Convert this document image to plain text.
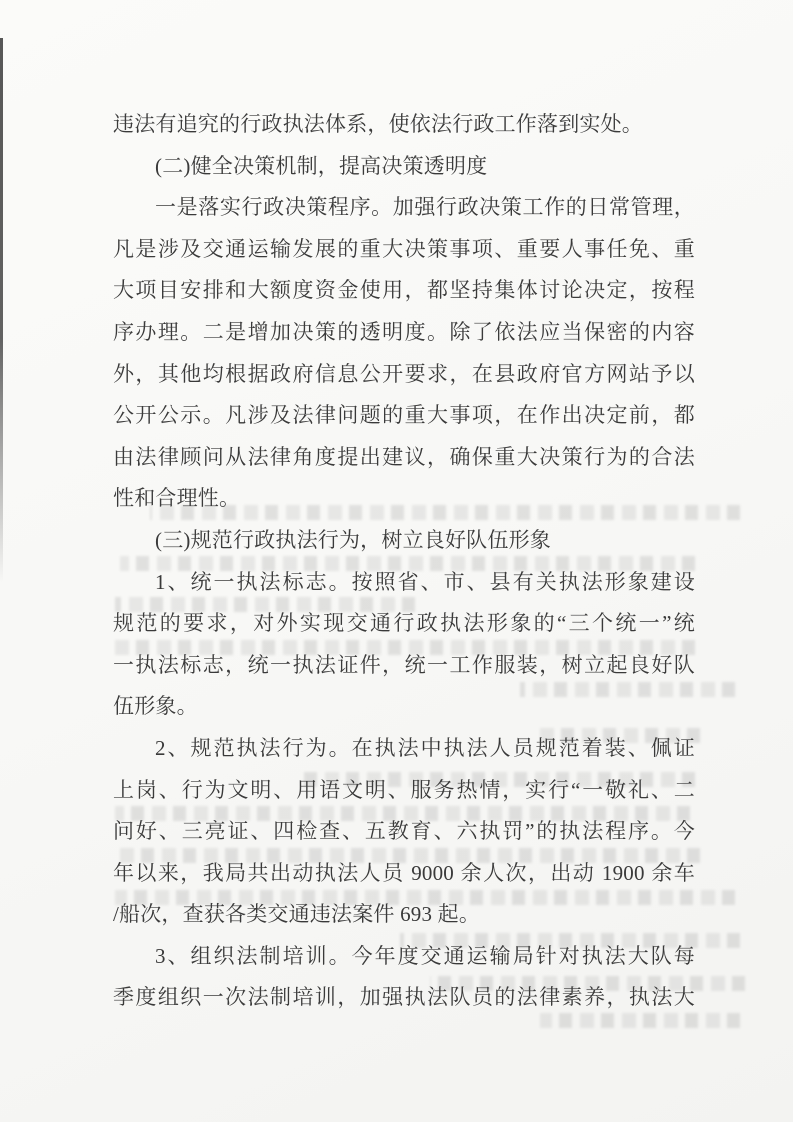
违法有追究的行政执法体系，使依法行政工作落到实处。
(二)健全决策机制，提高决策透明度
一是落实行政决策程序。加强行政决策工作的日常管理，
凡是涉及交通运输发展的重大决策事项、重要人事任免、重
大项目安排和大额度资金使用，都坚持集体讨论决定，按程
序办理。二是增加决策的透明度。除了依法应当保密的内容
外，其他均根据政府信息公开要求，在县政府官方网站予以
公开公示。凡涉及法律问题的重大事项，在作出决定前，都
由法律顾问从法律角度提出建议，确保重大决策行为的合法
性和合理性。
(三)规范行政执法行为，树立良好队伍形象
1、统一执法标志。按照省、市、县有关执法形象建设
规范的要求，对外实现交通行政执法形象的“三个统一”统
一执法标志，统一执法证件，统一工作服装，树立起良好队
伍形象。
2、规范执法行为。在执法中执法人员规范着装、佩证
上岗、行为文明、用语文明、服务热情，实行“一敬礼、二
问好、三亮证、四检查、五教育、六执罚”的执法程序。今
年以来，我局共出动执法人员 9000 余人次，出动 1900 余车
/船次，查获各类交通违法案件 693 起。
3、组织法制培训。今年度交通运输局针对执法大队每
季度组织一次法制培训，加强执法队员的法律素养，执法大
